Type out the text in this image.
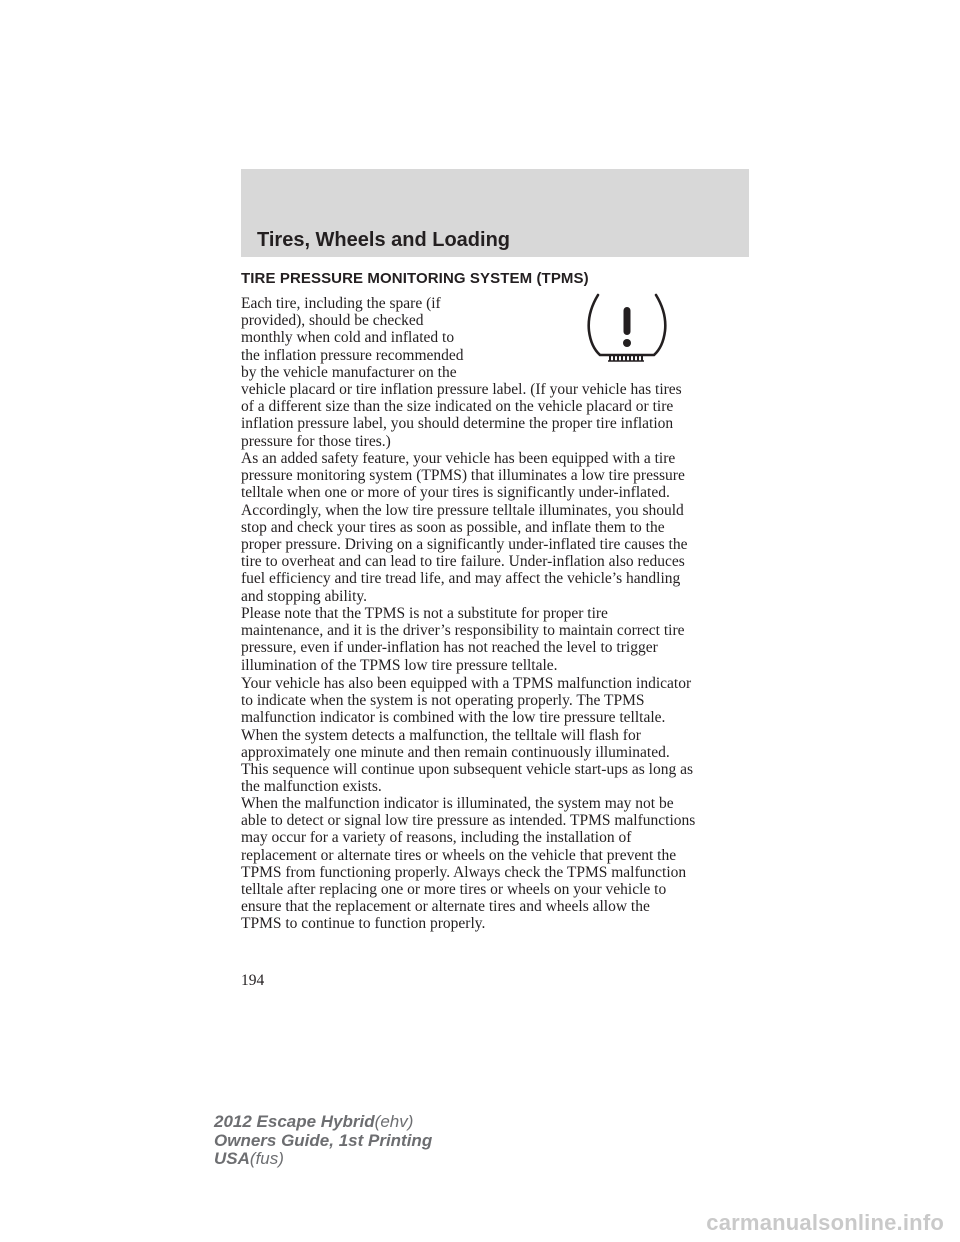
Tires, Wheels and Loading
TIRE PRESSURE MONITORING SYSTEM (TPMS)
Each tire, including the spare (if
provided), should be checked
monthly when cold and inflated to
the inflation pressure recommended
by the vehicle manufacturer on the
vehicle placard or tire inflation pressure label. (If your vehicle has tires
of a different size than the size indicated on the vehicle placard or tire
inflation pressure label, you should determine the proper tire inflation
pressure for those tires.)
As an added safety feature, your vehicle has been equipped with a tire
pressure monitoring system (TPMS) that illuminates a low tire pressure
telltale when one or more of your tires is significantly under-inflated.
Accordingly, when the low tire pressure telltale illuminates, you should
stop and check your tires as soon as possible, and inflate them to the
proper pressure. Driving on a significantly under-inflated tire causes the
tire to overheat and can lead to tire failure. Under-inflation also reduces
fuel efficiency and tire tread life, and may affect the vehicle’s handling
and stopping ability.
Please note that the TPMS is not a substitute for proper tire
maintenance, and it is the driver’s responsibility to maintain correct tire
pressure, even if under-inflation has not reached the level to trigger
illumination of the TPMS low tire pressure telltale.
Your vehicle has also been equipped with a TPMS malfunction indicator
to indicate when the system is not operating properly. The TPMS
malfunction indicator is combined with the low tire pressure telltale.
When the system detects a malfunction, the telltale will flash for
approximately one minute and then remain continuously illuminated.
This sequence will continue upon subsequent vehicle start-ups as long as
the malfunction exists.
When the malfunction indicator is illuminated, the system may not be
able to detect or signal low tire pressure as intended. TPMS malfunctions
may occur for a variety of reasons, including the installation of
replacement or alternate tires or wheels on the vehicle that prevent the
TPMS from functioning properly. Always check the TPMS malfunction
telltale after replacing one or more tires or wheels on your vehicle to
ensure that the replacement or alternate tires and wheels allow the
TPMS to continue to function properly.
194
2012 Escape Hybrid(ehv)
Owners Guide, 1st Printing
USA(fus)
carmanualsonline.info
